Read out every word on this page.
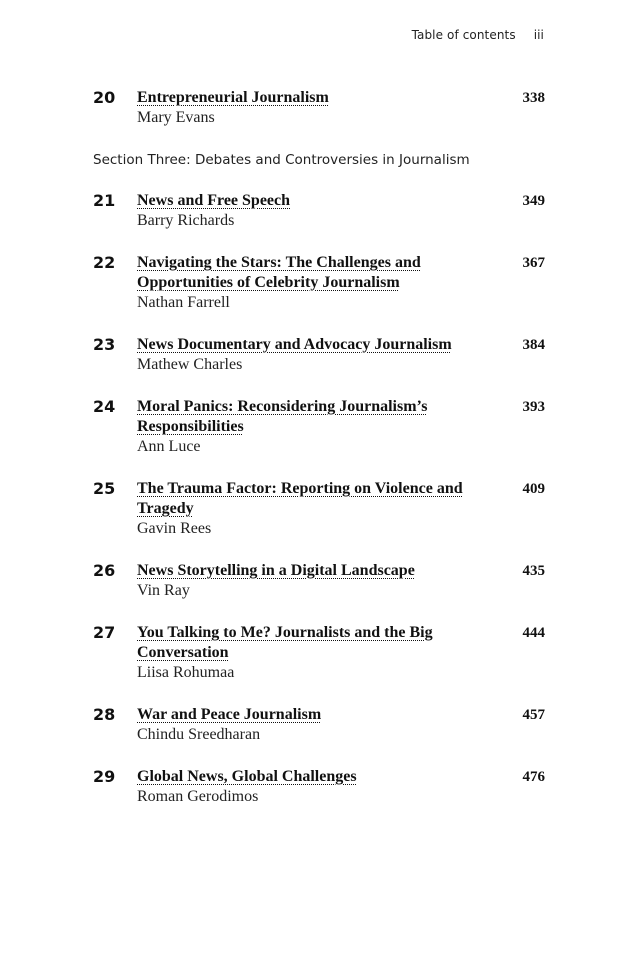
Table of contents iii
20 Entrepreneurial Journalism
Mary Evans
338
Section Three: Debates and Controversies in Journalism
21 News and Free Speech
Barry Richards
349
22 Navigating the Stars: The Challenges and Opportunities of Celebrity Journalism
Nathan Farrell
367
23 News Documentary and Advocacy Journalism
Mathew Charles
384
24 Moral Panics: Reconsidering Journalism’s Responsibilities
Ann Luce
393
25 The Trauma Factor: Reporting on Violence and Tragedy
Gavin Rees
409
26 News Storytelling in a Digital Landscape
Vin Ray
435
27 You Talking to Me? Journalists and the Big Conversation
Liisa Rohumaa
444
28 War and Peace Journalism
Chindu Sreedharan
457
29 Global News, Global Challenges
Roman Gerodimos
476
